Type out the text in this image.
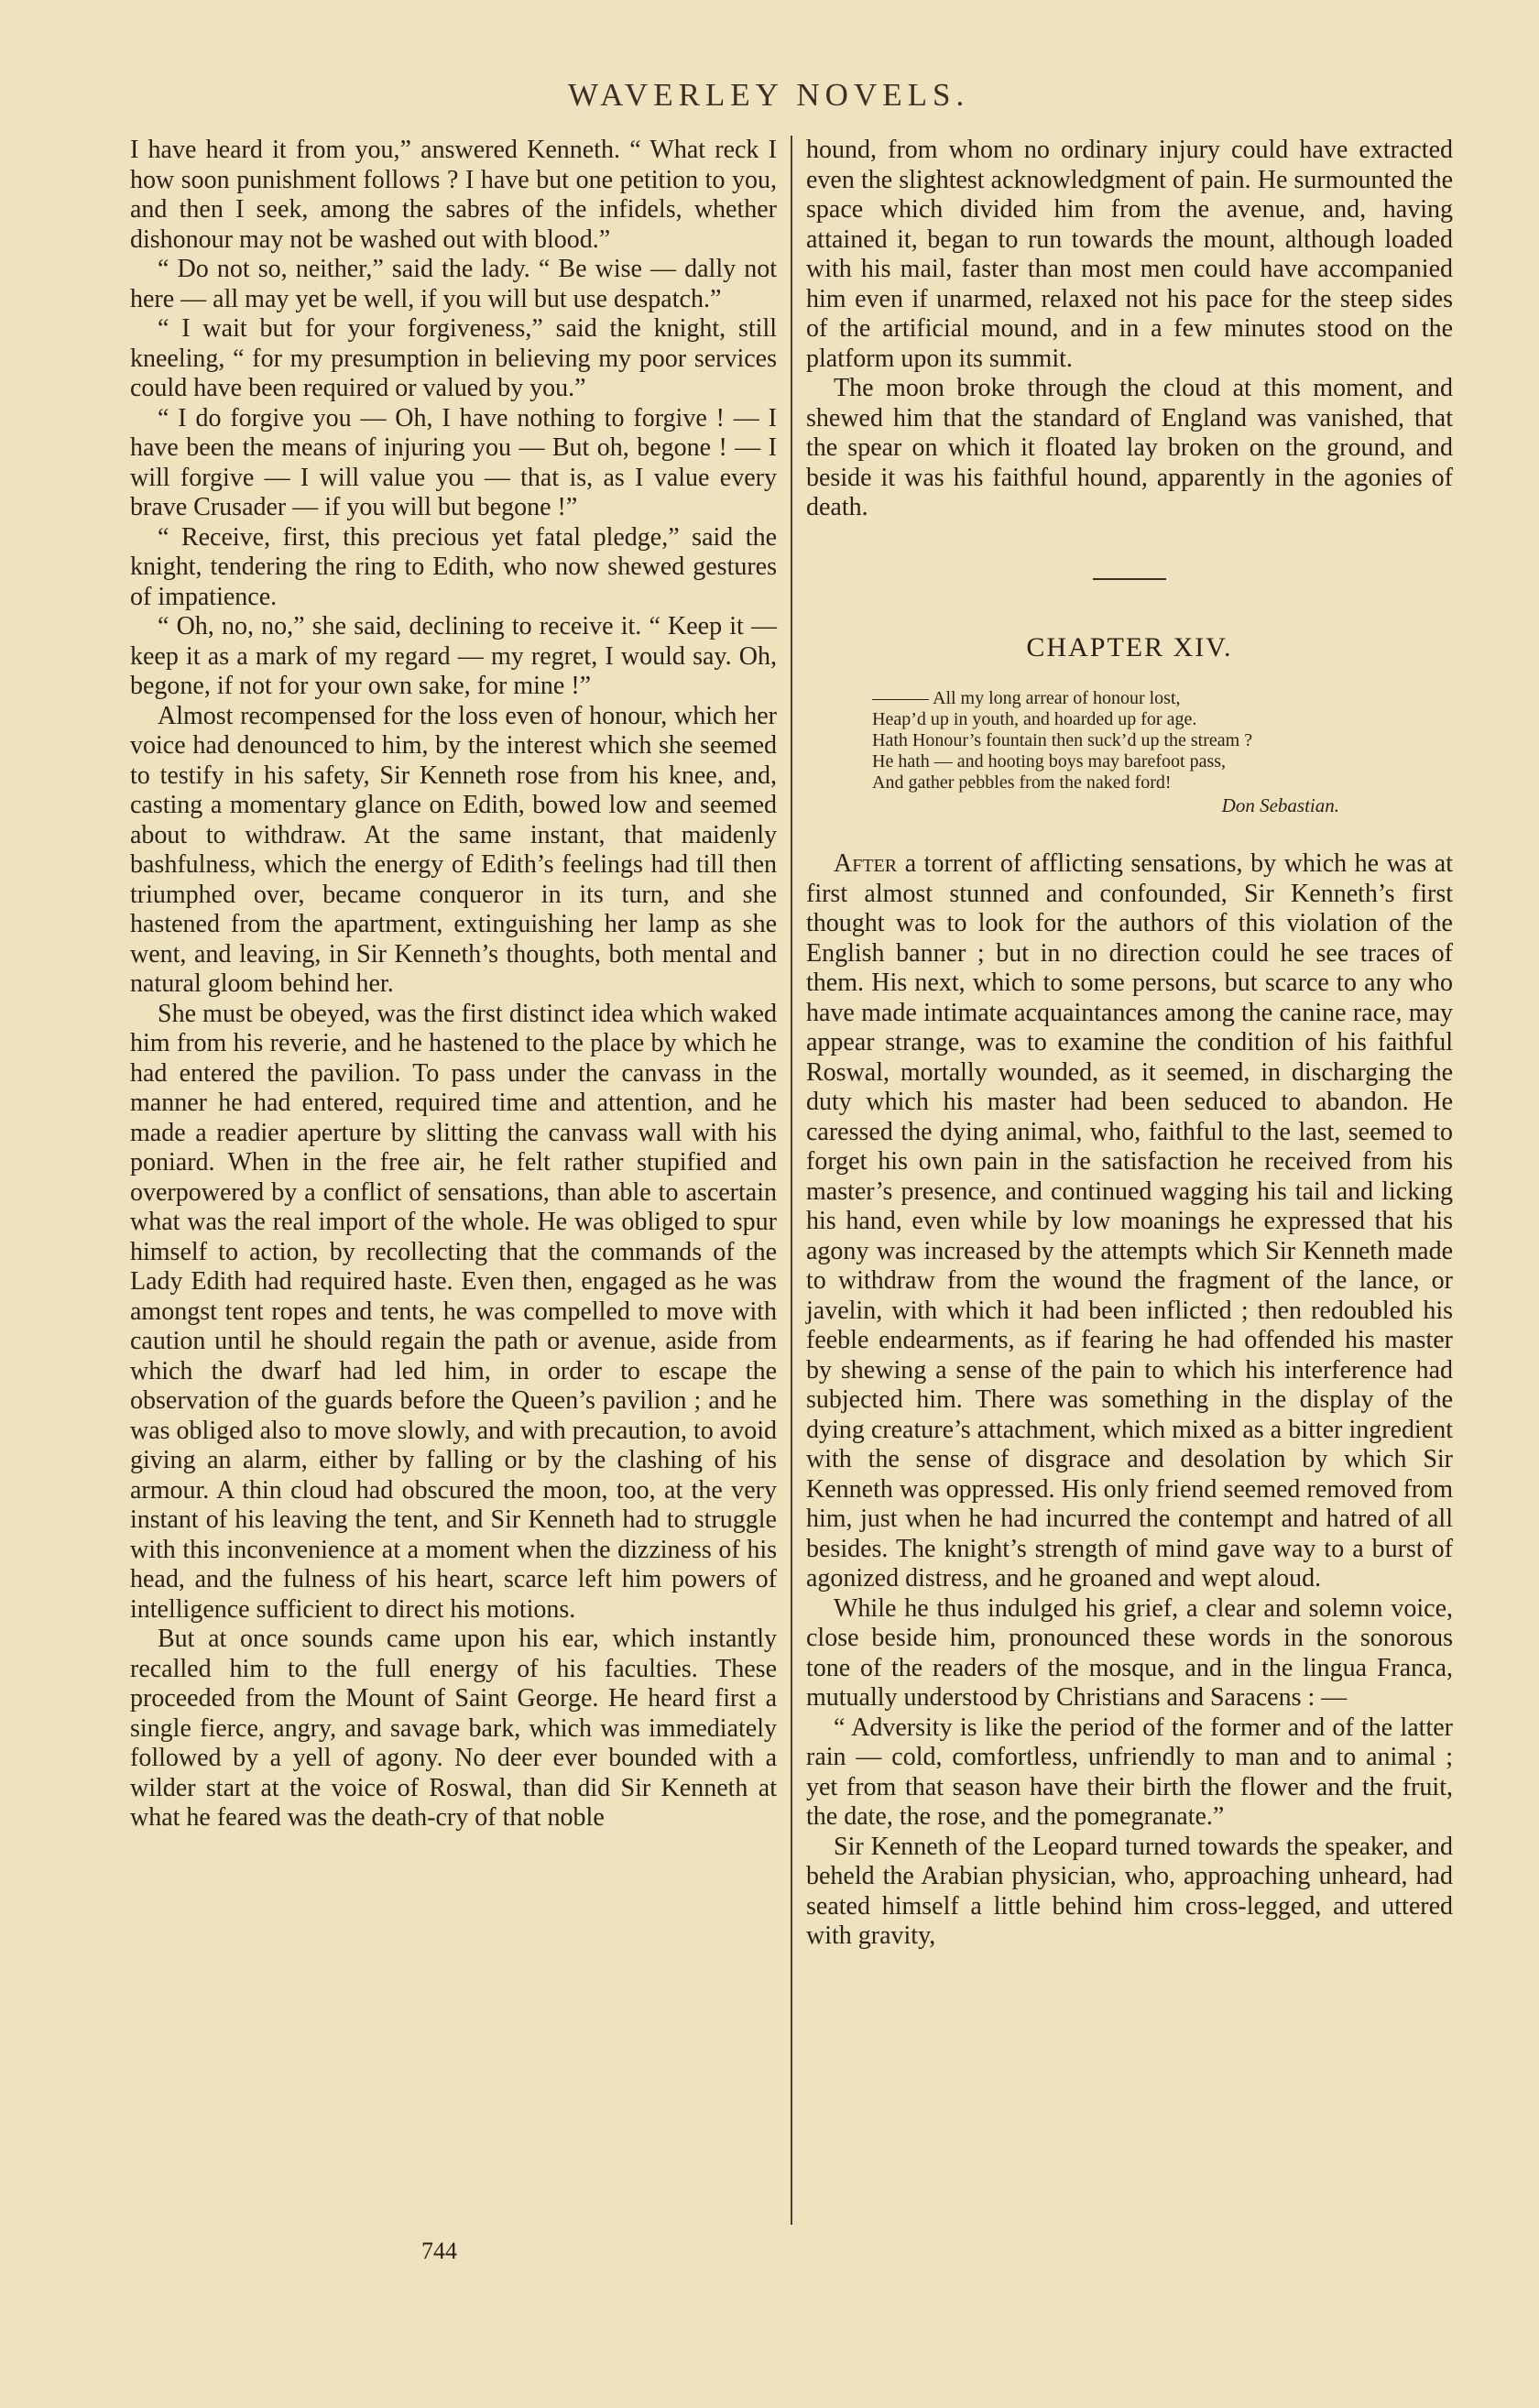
WAVERLEY NOVELS.

I have heard it from you,” answered Kenneth. “ What reck I how soon punishment follows ? I have but one petition to you, and then I seek, among the sabres of the infidels, whether dishonour may not be washed out with blood.”

“ Do not so, neither,” said the lady. “ Be wise — dally not here — all may yet be well, if you will but use despatch.”

“ I wait but for your forgiveness,” said the knight, still kneeling, “ for my presumption in believing my poor services could have been required or valued by you.”

“ I do forgive you — Oh, I have nothing to forgive ! — I have been the means of injuring you — But oh, begone ! — I will forgive — I will value you — that is, as I value every brave Crusader — if you will but begone !”

“ Receive, first, this precious yet fatal pledge,” said the knight, tendering the ring to Edith, who now shewed gestures of impatience.

“ Oh, no, no,” she said, declining to receive it. “ Keep it — keep it as a mark of my regard — my regret, I would say. Oh, begone, if not for your own sake, for mine !”

Almost recompensed for the loss even of honour, which her voice had denounced to him, by the interest which she seemed to testify in his safety, Sir Kenneth rose from his knee, and, casting a momentary glance on Edith, bowed low and seemed about to withdraw. At the same instant, that maidenly bashfulness, which the energy of Edith’s feelings had till then triumphed over, became conqueror in its turn, and she hastened from the apartment, extinguishing her lamp as she went, and leaving, in Sir Kenneth’s thoughts, both mental and natural gloom behind her.

She must be obeyed, was the first distinct idea which waked him from his reverie, and he hastened to the place by which he had entered the pavilion. To pass under the canvass in the manner he had entered, required time and attention, and he made a readier aperture by slitting the canvass wall with his poniard. When in the free air, he felt rather stupified and overpowered by a conflict of sensations, than able to ascertain what was the real import of the whole. He was obliged to spur himself to action, by recollecting that the commands of the Lady Edith had required haste. Even then, engaged as he was amongst tent ropes and tents, he was compelled to move with caution until he should regain the path or avenue, aside from which the dwarf had led him, in order to escape the observation of the guards before the Queen’s pavilion ; and he was obliged also to move slowly, and with precaution, to avoid giving an alarm, either by falling or by the clashing of his armour. A thin cloud had obscured the moon, too, at the very instant of his leaving the tent, and Sir Kenneth had to struggle with this inconvenience at a moment when the dizziness of his head, and the fulness of his heart, scarce left him powers of intelligence sufficient to direct his motions.

But at once sounds came upon his ear, which instantly recalled him to the full energy of his faculties. These proceeded from the Mount of Saint George. He heard first a single fierce, angry, and savage bark, which was immediately followed by a yell of agony. No deer ever bounded with a wilder start at the voice of Roswal, than did Sir Kenneth at what he feared was the death-cry of that noble

hound, from whom no ordinary injury could have extracted even the slightest acknowledgment of pain. He surmounted the space which divided him from the avenue, and, having attained it, began to run towards the mount, although loaded with his mail, faster than most men could have accompanied him even if unarmed, relaxed not his pace for the steep sides of the artificial mound, and in a few minutes stood on the platform upon its summit.

The moon broke through the cloud at this moment, and shewed him that the standard of England was vanished, that the spear on which it floated lay broken on the ground, and beside it was his faithful hound, apparently in the agonies of death.

CHAPTER XIV.
All my long arrear of honour lost,
Heap’d up in youth, and hoarded up for age.
Hath Honour’s fountain then suck’d up the stream ?
He hath — and hooting boys may barefoot pass,
And gather pebbles from the naked ford!
Don Sebastian.

After a torrent of afflicting sensations, by which he was at first almost stunned and confounded, Sir Kenneth’s first thought was to look for the authors of this violation of the English banner ; but in no direction could he see traces of them. His next, which to some persons, but scarce to any who have made intimate acquaintances among the canine race, may appear strange, was to examine the condition of his faithful Roswal, mortally wounded, as it seemed, in discharging the duty which his master had been seduced to abandon. He caressed the dying animal, who, faithful to the last, seemed to forget his own pain in the satisfaction he received from his master’s presence, and continued wagging his tail and licking his hand, even while by low moanings he expressed that his agony was increased by the attempts which Sir Kenneth made to withdraw from the wound the fragment of the lance, or javelin, with which it had been inflicted ; then redoubled his feeble endearments, as if fearing he had offended his master by shewing a sense of the pain to which his interference had subjected him. There was something in the display of the dying creature’s attachment, which mixed as a bitter ingredient with the sense of disgrace and desolation by which Sir Kenneth was oppressed. His only friend seemed removed from him, just when he had incurred the contempt and hatred of all besides. The knight’s strength of mind gave way to a burst of agonized distress, and he groaned and wept aloud.

While he thus indulged his grief, a clear and solemn voice, close beside him, pronounced these words in the sonorous tone of the readers of the mosque, and in the lingua Franca, mutually understood by Christians and Saracens : —

“ Adversity is like the period of the former and of the latter rain — cold, comfortless, unfriendly to man and to animal ; yet from that season have their birth the flower and the fruit, the date, the rose, and the pomegranate.”

Sir Kenneth of the Leopard turned towards the speaker, and beheld the Arabian physician, who, approaching unheard, had seated himself a little behind him cross-legged, and uttered with gravity,

744
